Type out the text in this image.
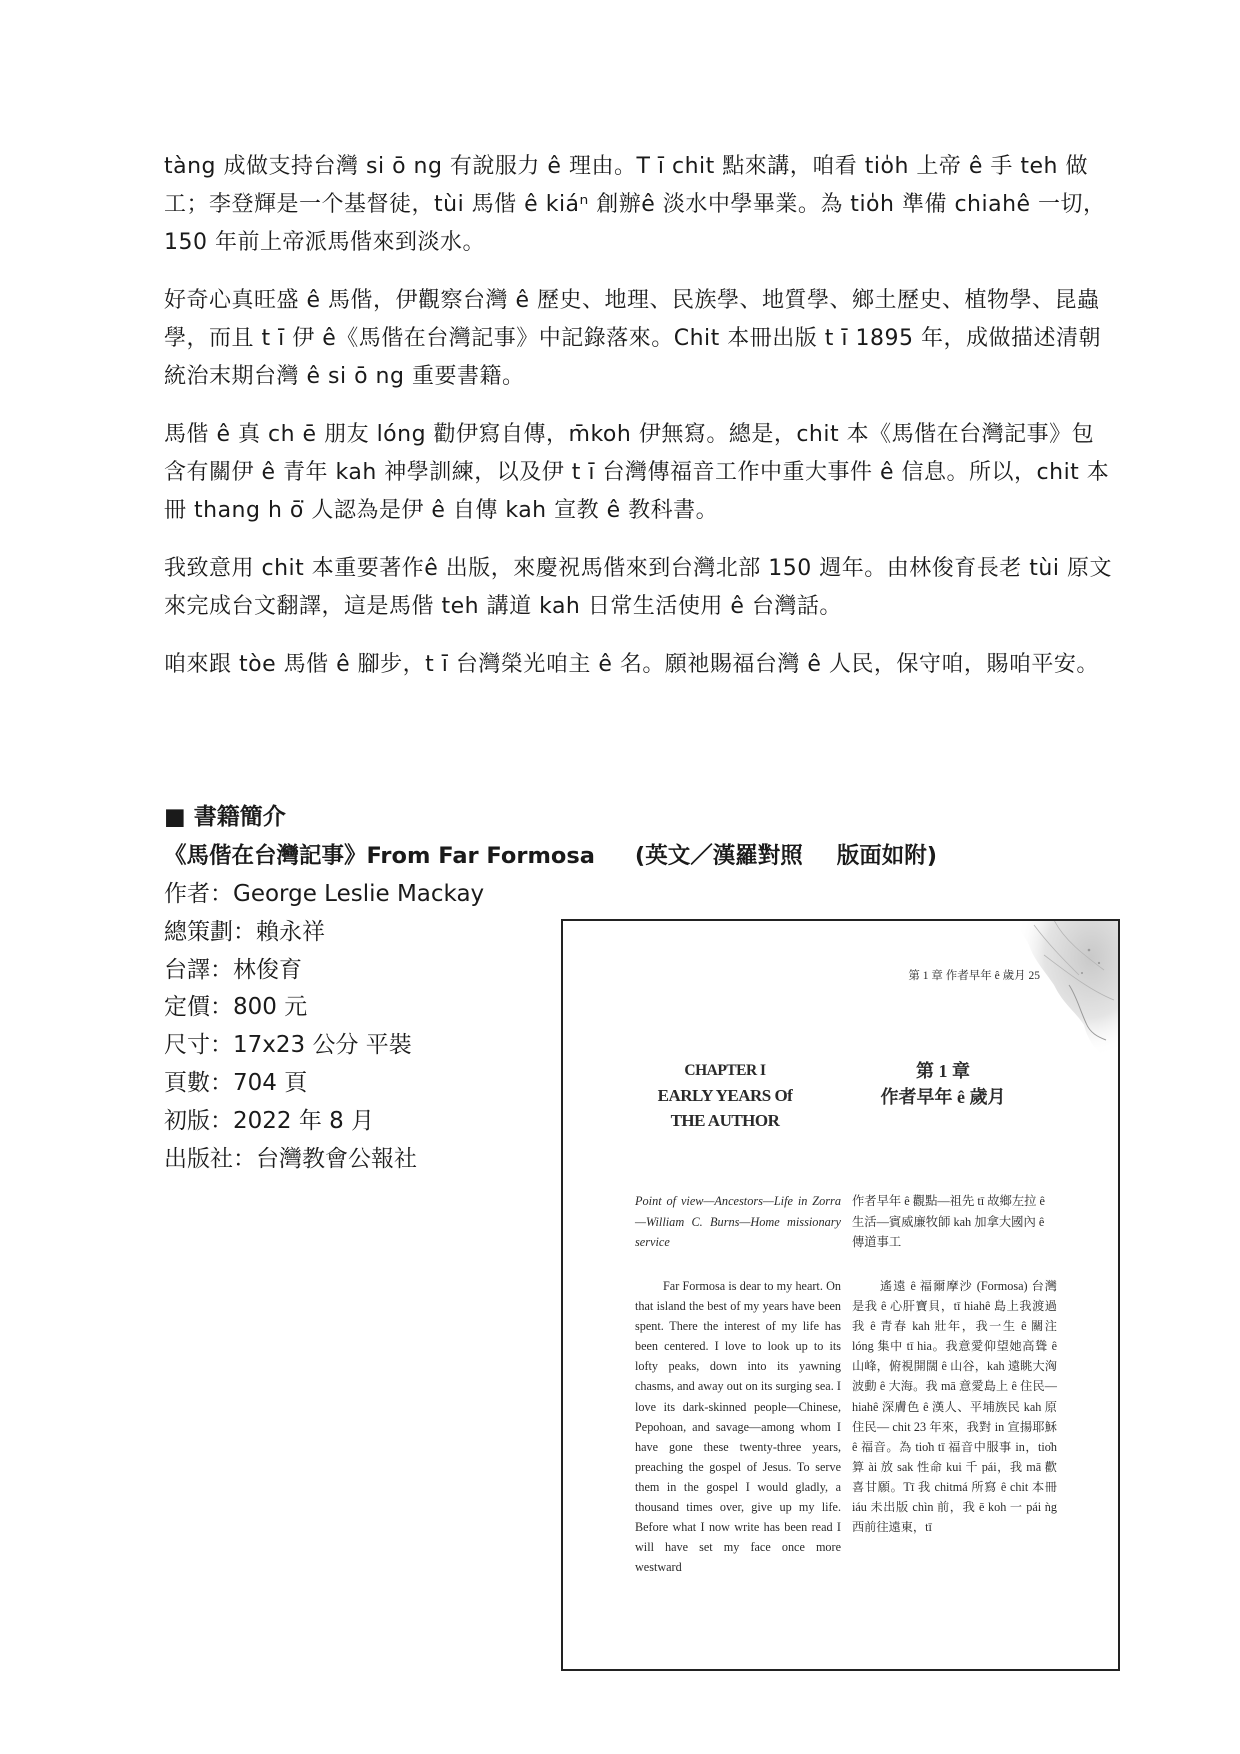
tàng 成做支持台灣 si ō ng 有說服力 ê 理由。T ī chit 點來講，咱看 tio̍h 上帝 ê 手 teh 做工；李登輝是一个基督徒，tùi 馬偕 ê kiáⁿ 創辦ê 淡水中學畢業。為 tio̍h 準備 chiahê 一切，150 年前上帝派馬偕來到淡水。

好奇心真旺盛 ê 馬偕，伊觀察台灣 ê 歷史、地理、民族學、地質學、鄉土歷史、植物學、昆蟲學，而且 t ī 伊 ê《馬偕在台灣記事》中記錄落來。Chit 本冊出版 t ī 1895 年，成做描述清朝統治末期台灣 ê si ō ng 重要書籍。

馬偕 ê 真 ch ē 朋友 lóng 勸伊寫自傳，m̄koh 伊無寫。總是，chit 本《馬偕在台灣記事》包含有關伊 ê 青年 kah 神學訓練，以及伊 t ī 台灣傳福音工作中重大事件 ê 信息。所以，chit 本冊 thang h ō͘ 人認為是伊 ê 自傳 kah 宣教 ê 教科書。

我致意用 chit 本重要著作ê 出版，來慶祝馬偕來到台灣北部 150 週年。由林俊育長老 tùi 原文來完成台文翻譯，這是馬偕 teh 講道 kah 日常生活使用 ê 台灣話。

咱來跟 tòe 馬偕 ê 腳步，t ī 台灣榮光咱主 ê 名。願祂賜福台灣 ê 人民，保守咱，賜咱平安。

■ 書籍簡介
《馬偕在台灣記事》From Far Formosa (英文／漢羅對照 版面如附)
作者：George Leslie Mackay
總策劃：賴永祥
台譯：林俊育
定價：800 元
尺寸：17x23 公分 平裝
頁數：704 頁
初版：2022 年 8 月
出版社：台灣教會公報社
第 1 章 作者早年 ê 歲月 25
CHAPTER I
EARLY YEARS Of
THE AUTHOR
第 1 章
作者早年 ê 歲月
Point of view—Ancestors—Life in Zorra—William C. Burns—Home missionary service
作者早年 ê 觀點—祖先 tī 故鄉左拉 ê 生活—賓威廉牧師 kah 加拿大國內 ê 傳道事工
Far Formosa is dear to my heart. On that island the best of my years have been spent. There the interest of my life has been centered. I love to look up to its lofty peaks, down into its yawning chasms, and away out on its surging sea. I love its dark-skinned people—Chinese, Pepohoan, and savage—among whom I have gone these twenty-three years, preaching the gospel of Jesus. To serve them in the gospel I would gladly, a thousand times over, give up my life. Before what I now write has been read I will have set my face once more westward
遙遠 ê 福爾摩沙 (Formosa) 台灣是我 ê 心肝寶貝，tī hiahê 島上我渡過我 ê 青春 kah 壯年，我一生 ê 關注 lóng 集中 tī hia。我意愛仰望她高聳 ê 山峰，俯視開闊 ê 山谷，kah 遠眺大洶波動 ê 大海。我 mā 意愛島上 ê 住民— hiahê 深膚色 ê 漢人、平埔族民 kah 原住民— chit 23 年來，我對 in 宣揚耶穌 ê 福音。為 tio̍h tī 福音中服事 in，tio̍h 算 ài 放 sak 性命 kui 千 pái，我 mā 歡喜甘願。Tī 我 chitmá 所寫 ê chit 本冊 iáu 未出版 chìn 前，我 ē koh 一 pái ǹg 西前往遠東，tī
